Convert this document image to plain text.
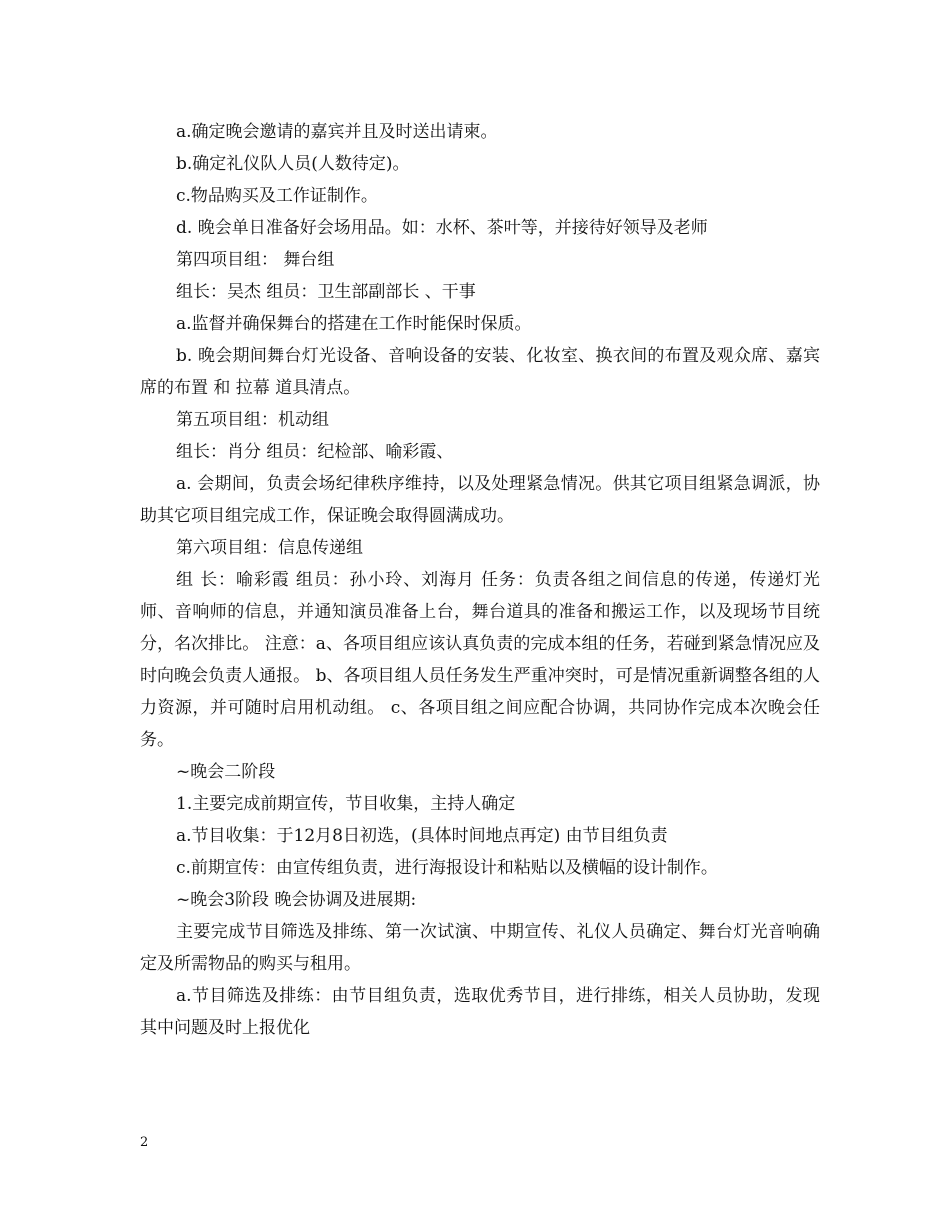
a.确定晚会邀请的嘉宾并且及时送出请柬。

b.确定礼仪队人员(人数待定)。

c.物品购买及工作证制作。

d. 晚会单日准备好会场用品。如：水杯、茶叶等，并接待好领导及老师

第四项目组： 舞台组

组长：吴杰 组员：卫生部副部长 、干事

a.监督并确保舞台的搭建在工作时能保时保质。

b. 晚会期间舞台灯光设备、音响设备的安装、化妆室、换衣间的布置及观众席、嘉宾席的布置 和 拉幕 道具清点。

第五项目组：机动组

组长：肖分 组员：纪检部、喻彩霞、

a. 会期间，负责会场纪律秩序维持，以及处理紧急情况。供其它项目组紧急调派，协助其它项目组完成工作，保证晚会取得圆满成功。

第六项目组：信息传递组

组 长：喻彩霞 组员：孙小玲、刘海月 任务：负责各组之间信息的传递，传递灯光师、音响师的信息，并通知演员准备上台，舞台道具的准备和搬运工作，以及现场节目统分，名次排比。 注意：a、各项目组应该认真负责的完成本组的任务，若碰到紧急情况应及时向晚会负责人通报。 b、各项目组人员任务发生严重冲突时，可是情况重新调整各组的人力资源，并可随时启用机动组。 c、各项目组之间应配合协调，共同协作完成本次晚会任务。

~晚会二阶段

1.主要完成前期宣传，节目收集，主持人确定

a.节目收集：于12月8日初选，(具体时间地点再定) 由节目组负责

c.前期宣传：由宣传组负责，进行海报设计和粘贴以及横幅的设计制作。

~晚会3阶段 晚会协调及进展期:

主要完成节目筛选及排练、第一次试演、中期宣传、礼仪人员确定、舞台灯光音响确定及所需物品的购买与租用。

a.节目筛选及排练：由节目组负责，选取优秀节目，进行排练，相关人员协助，发现其中问题及时上报优化

2
